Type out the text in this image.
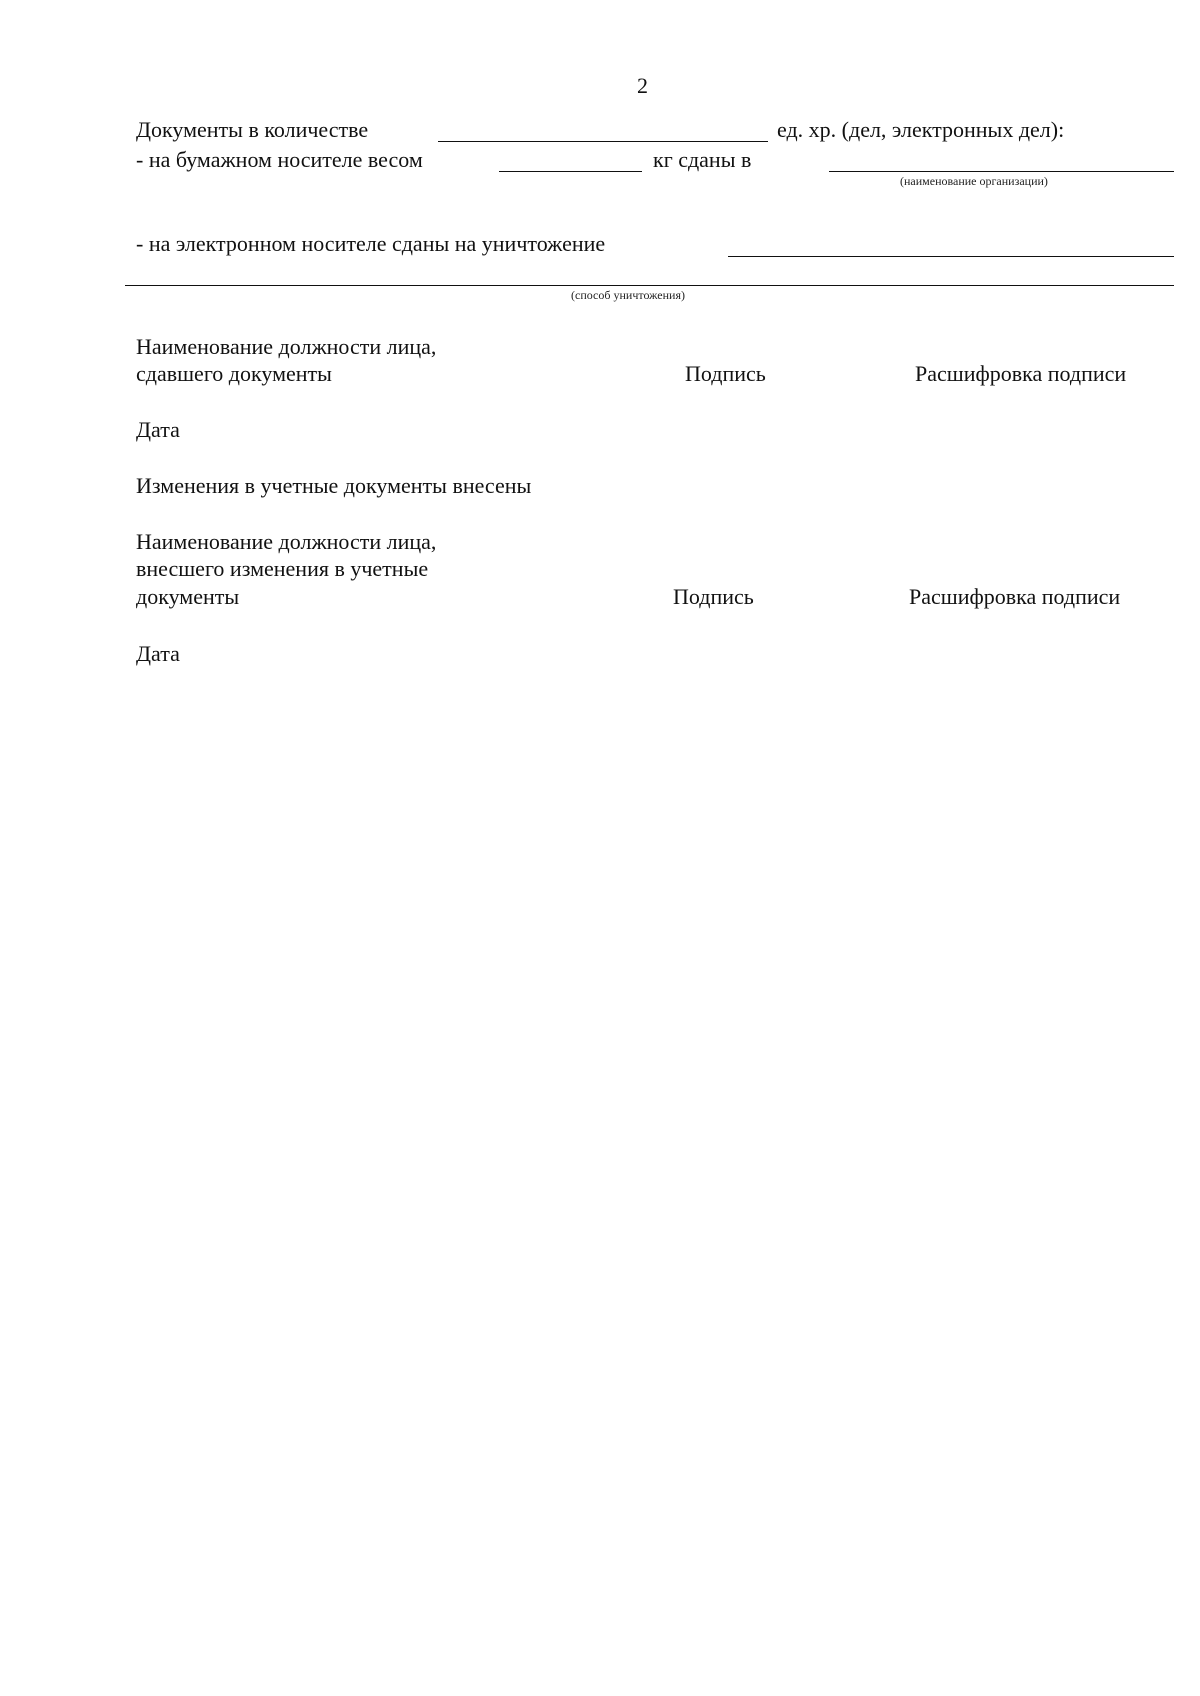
2
Документы в количестве	ед. хр. (дел, электронных дел):
- на бумажном носителе весом	кг сданы в
(наименование организации)
- на электронном носителе сданы на уничтожение
(способ уничтожения)
Наименование должности лица,
сдавшего документы	Подпись	Расшифровка подписи
Дата
Изменения в учетные документы внесены
Наименование должности лица,
внесшего изменения в учетные
документы	Подпись	Расшифровка подписи
Дата
